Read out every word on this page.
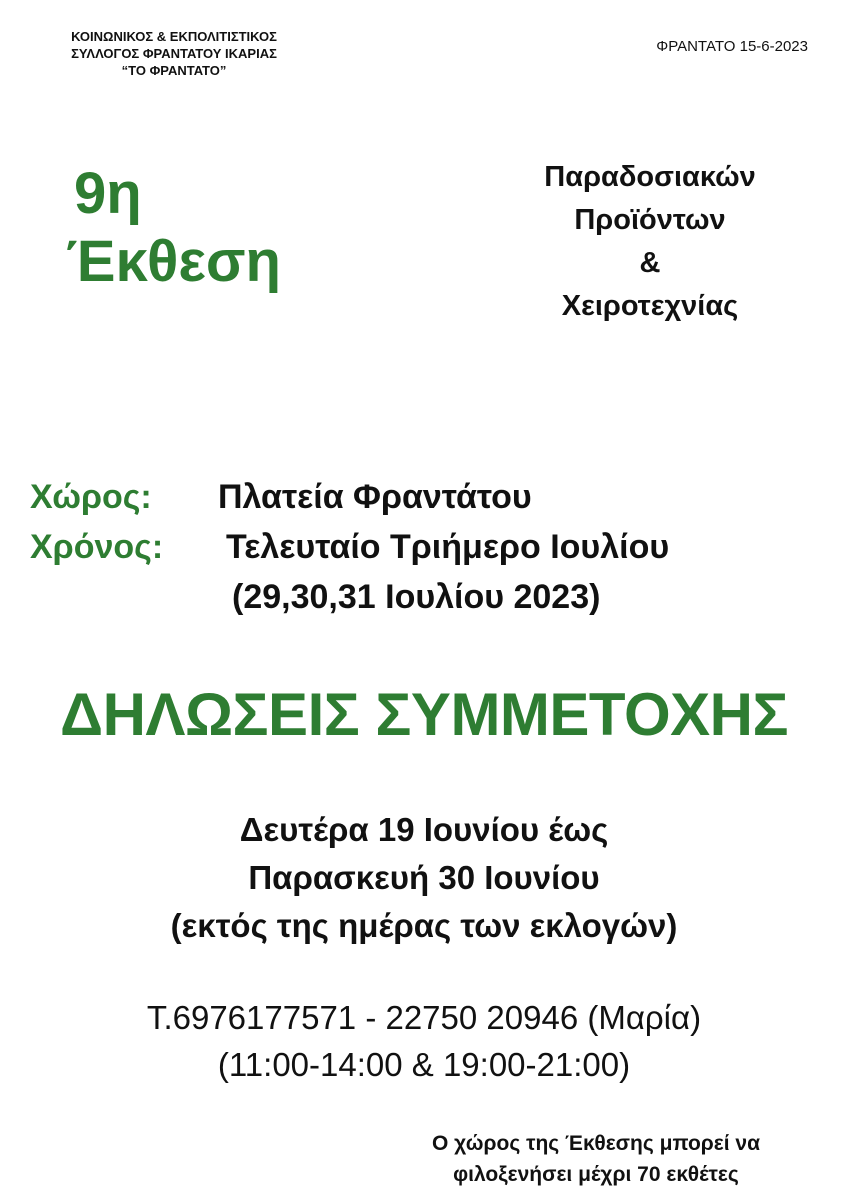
ΚΟΙΝΩΝΙΚΟΣ & ΕΚΠΟΛΙΤΙΣΤΙΚΟΣ
ΣΥΛΛΟΓΟΣ ΦΡΑΝΤΑΤΟΥ ΙΚΑΡΙΑΣ
“ΤΟ ΦΡΑΝΤΑΤΟ”
ΦΡΑΝΤΑΤΟ 15-6-2023
9η
Έκθεση
Παραδοσιακών
Προϊόντων
&
Χειροτεχνίας
Χώρος: Πλατεία Φραντάτου
Χρόνος: Τελευταίο Τριήμερο Ιουλίου
(29,30,31 Ιουλίου 2023)
ΔΗΛΩΣΕΙΣ ΣΥΜΜΕΤΟΧΗΣ
Δευτέρα 19 Ιουνίου έως
Παρασκευή 30 Ιουνίου
(εκτός της ημέρας των εκλογών)
Τ.6976177571 - 22750 20946 (Μαρία)
(11:00-14:00 & 19:00-21:00)
Ο χώρος της Έκθεσης μπορεί να
φιλοξενήσει μέχρι 70 εκθέτες
